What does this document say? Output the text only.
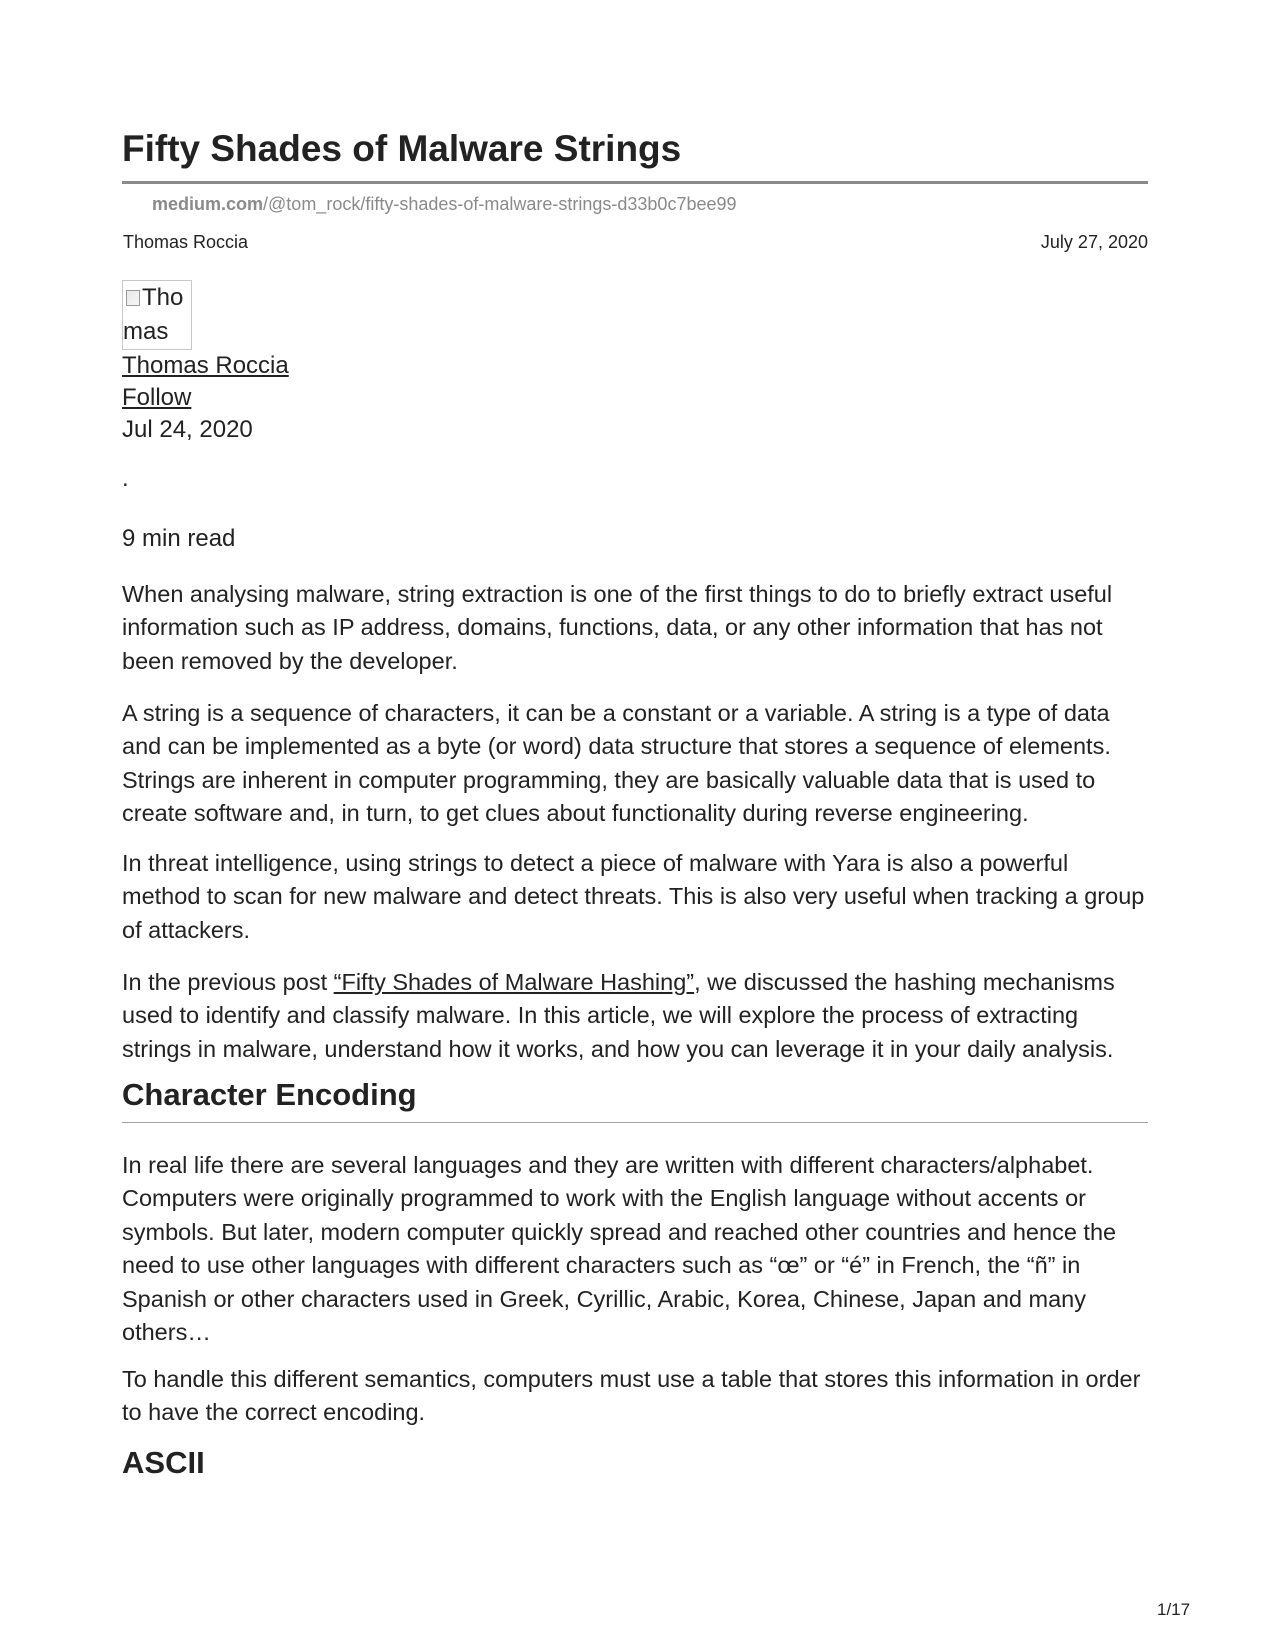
Fifty Shades of Malware Strings
medium.com/@tom_rock/fifty-shades-of-malware-strings-d33b0c7bee99
Thomas Roccia	July 27, 2020
Tho
mas
Thomas Roccia
Follow
Jul 24, 2020
.
9 min read

When analysing malware, string extraction is one of the first things to do to briefly extract useful information such as IP address, domains, functions, data, or any other information that has not been removed by the developer.

A string is a sequence of characters, it can be a constant or a variable. A string is a type of data and can be implemented as a byte (or word) data structure that stores a sequence of elements. Strings are inherent in computer programming, they are basically valuable data that is used to create software and, in turn, to get clues about functionality during reverse engineering.

In threat intelligence, using strings to detect a piece of malware with Yara is also a powerful method to scan for new malware and detect threats. This is also very useful when tracking a group of attackers.

In the previous post “Fifty Shades of Malware Hashing”, we discussed the hashing mechanisms used to identify and classify malware. In this article, we will explore the process of extracting strings in malware, understand how it works, and how you can leverage it in your daily analysis.

Character Encoding

In real life there are several languages and they are written with different characters/alphabet. Computers were originally programmed to work with the English language without accents or symbols. But later, modern computer quickly spread and reached other countries and hence the need to use other languages with different characters such as “œ” or “é” in French, the “ñ” in Spanish or other characters used in Greek, Cyrillic, Arabic, Korea, Chinese, Japan and many others…

To handle this different semantics, computers must use a table that stores this information in order to have the correct encoding.

ASCII
1/17
